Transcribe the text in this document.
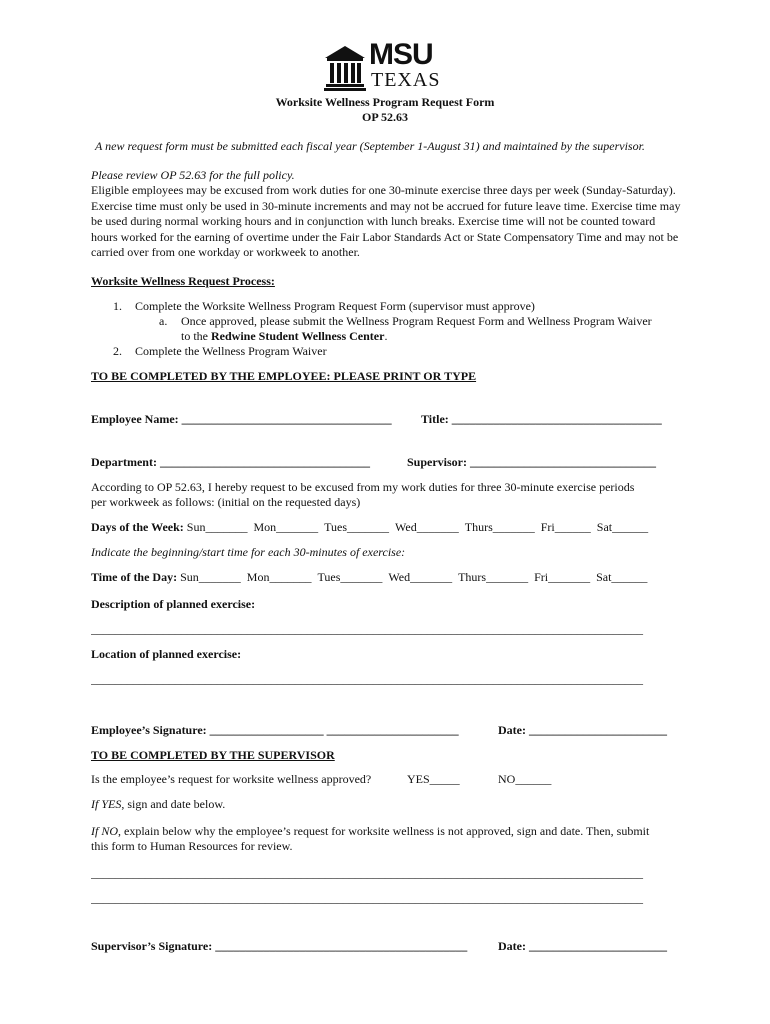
MSU
TEXAS
Worksite Wellness Program Request Form
OP 52.63
A new request form must be submitted each fiscal year (September 1-August 31) and maintained by the supervisor.
Please review OP 52.63 for the full policy.
Eligible employees may be excused from work duties for one 30-minute exercise three days per week (Sunday-Saturday). Exercise time must only be used in 30-minute increments and may not be accrued for future leave time. Exercise time may be used during normal working hours and in conjunction with lunch breaks. Exercise time will not be counted toward hours worked for the earning of overtime under the Fair Labor Standards Act or State Compensatory Time and may not be carried over from one workday or workweek to another.
Worksite Wellness Request Process:
1. Complete the Worksite Wellness Program Request Form (supervisor must approve)
a. Once approved, please submit the Wellness Program Request Form and Wellness Program Waiver
to the Redwine Student Wellness Center.
2. Complete the Wellness Program Waiver
TO BE COMPLETED BY THE EMPLOYEE: PLEASE PRINT OR TYPE
Employee Name: ___________________________________ Title: ___________________________________
Department: ___________________________________	Supervisor: _______________________________
According to OP 52.63, I hereby request to be excused from my work duties for three 30-minute exercise periods
per workweek as follows: (initial on the requested days)
Days of the Week: Sun_______ Mon_______ Tues_______ Wed_______ Thurs_______ Fri______ Sat______
Indicate the beginning/start time for each 30-minutes of exercise:
Time of the Day: Sun_______ Mon_______ Tues_______ Wed_______ Thurs_______ Fri_______ Sat______
Description of planned exercise:
____________________________________________________________________________________________
Location of planned exercise:
____________________________________________________________________________________________
Employee’s Signature: ___________________ ______________________	Date: _______________________
TO BE COMPLETED BY THE SUPERVISOR
Is the employee’s request for worksite wellness approved?	YES_____	NO______
If YES, sign and date below.
If NO, explain below why the employee’s request for worksite wellness is not approved, sign and date. Then, submit
this form to Human Resources for review.
____________________________________________________________________________________________
____________________________________________________________________________________________
Supervisor’s Signature: __________________________________________	Date: _______________________
